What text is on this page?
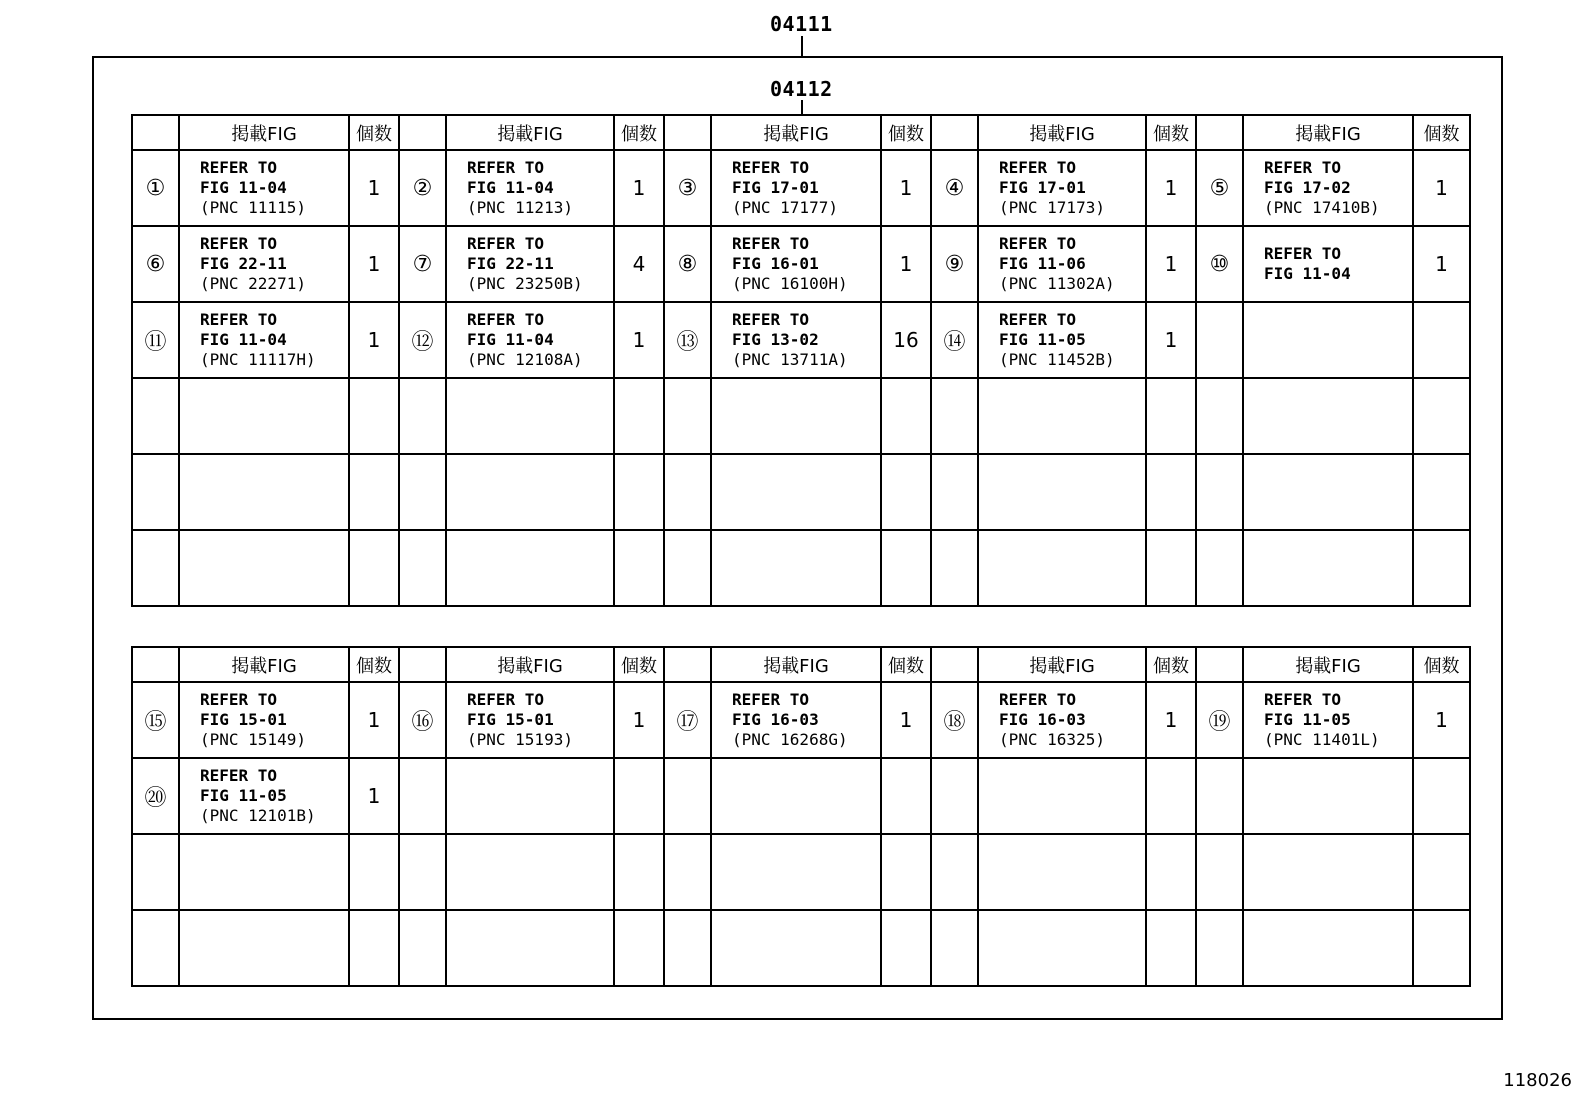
04111
04112
	掲載FIG	個数		掲載FIG	個数		掲載FIG	個数		掲載FIG	個数		掲載FIG	個数
①	REFER TO
FIG 11-04
(PNC 11115)	1	②	REFER TO
FIG 11-04
(PNC 11213)	1	③	REFER TO
FIG 17-01
(PNC 17177)	1	④	REFER TO
FIG 17-01
(PNC 17173)	1	⑤	REFER TO
FIG 17-02
(PNC 17410B)	1
⑥	REFER TO
FIG 22-11
(PNC 22271)	1	⑦	REFER TO
FIG 22-11
(PNC 23250B)	4	⑧	REFER TO
FIG 16-01
(PNC 16100H)	1	⑨	REFER TO
FIG 11-06
(PNC 11302A)	1	⑩	REFER TO
FIG 11-04	1
⑪	REFER TO
FIG 11-04
(PNC 11117H)	1	⑫	REFER TO
FIG 11-04
(PNC 12108A)	1	⑬	REFER TO
FIG 13-02
(PNC 13711A)	16	⑭	REFER TO
FIG 11-05
(PNC 11452B)	1		

	掲載FIG	個数		掲載FIG	個数		掲載FIG	個数		掲載FIG	個数		掲載FIG	個数
⑮	REFER TO
FIG 15-01
(PNC 15149)	1	⑯	REFER TO
FIG 15-01
(PNC 15193)	1	⑰	REFER TO
FIG 16-03
(PNC 16268G)	1	⑱	REFER TO
FIG 16-03
(PNC 16325)	1	⑲	REFER TO
FIG 11-05
(PNC 11401L)	1
⑳	REFER TO
FIG 11-05
(PNC 12101B)	1		

118026
